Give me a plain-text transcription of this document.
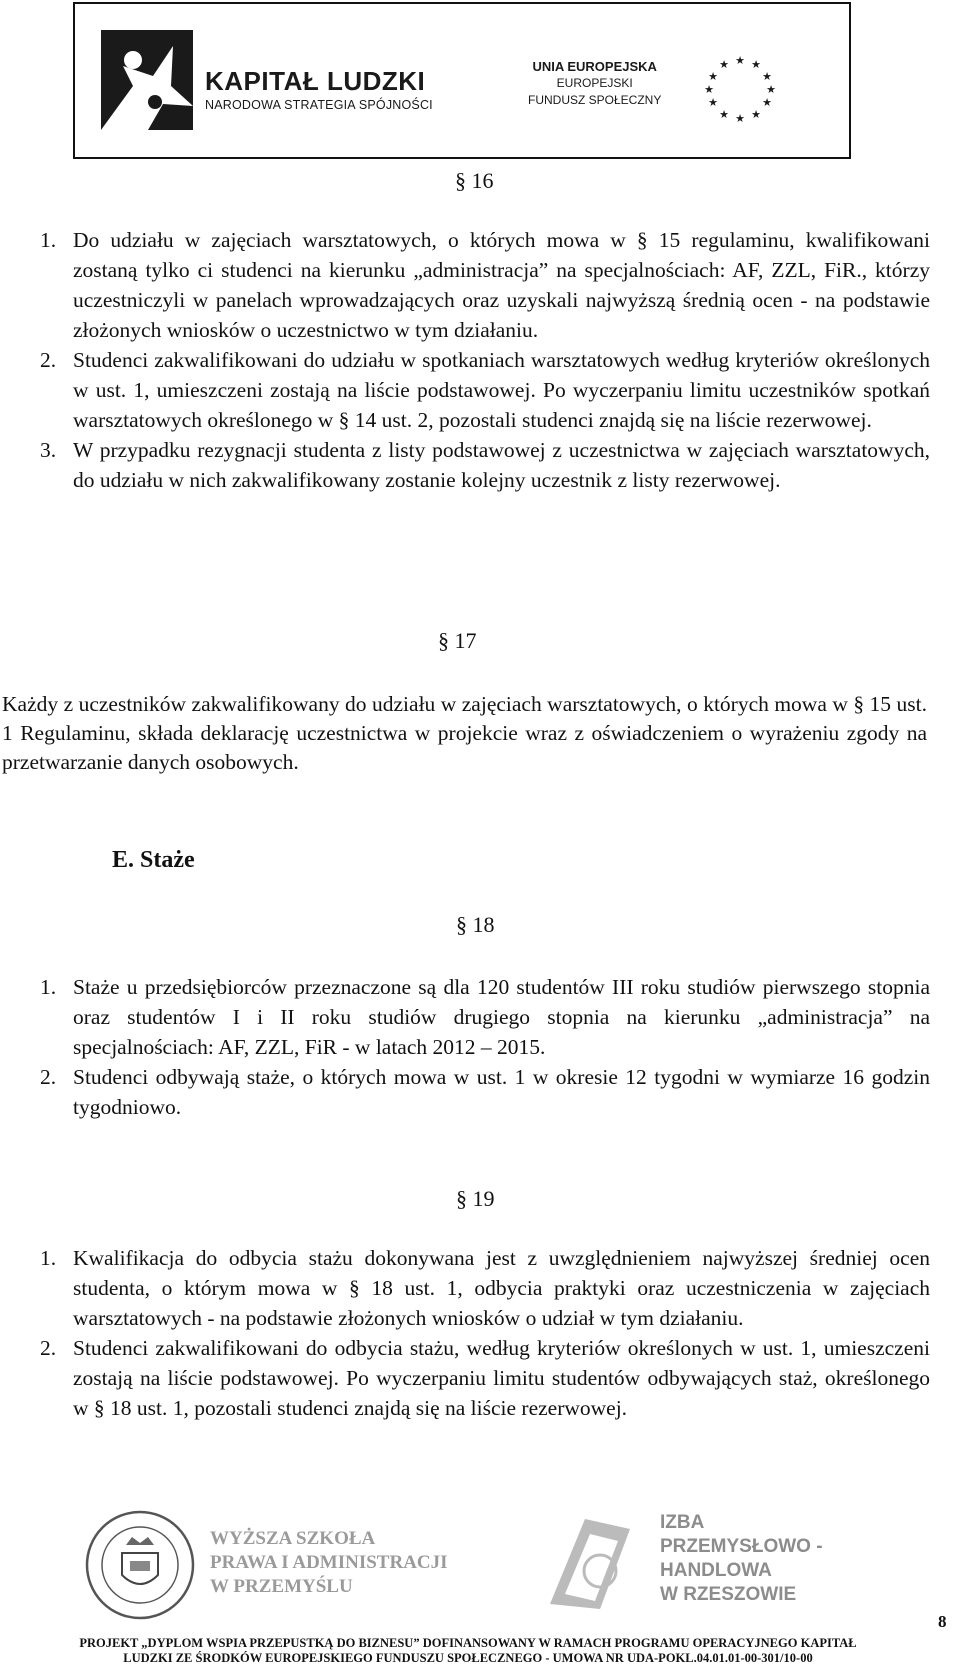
KAPITAŁ LUDZKI
NARODOWA STRATEGIA SPÓJNOŚCI
UNIA EUROPEJSKA
EUROPEJSKI
FUNDUSZ SPOŁECZNY
★ ★
★
★
★
★
★
★
★
★
★
★
§ 16
1. Do udziału w zajęciach warsztatowych, o których mowa w § 15 regulaminu, kwalifikowani zostaną tylko ci studenci na kierunku „administracja” na specjalnościach: AF, ZZL, FiR., którzy uczestniczyli w panelach wprowadzających oraz uzyskali najwyższą średnią ocen - na podstawie złożonych wniosków o uczestnictwo w tym działaniu.
2. Studenci zakwalifikowani do udziału w spotkaniach warsztatowych według kryteriów określonych w ust. 1, umieszczeni zostają na liście podstawowej. Po wyczerpaniu limitu uczestników spotkań warsztatowych określonego w § 14 ust. 2, pozostali studenci znajdą się na liście rezerwowej.
3. W przypadku rezygnacji studenta z listy podstawowej z uczestnictwa w zajęciach warsztatowych, do udziału w nich zakwalifikowany zostanie kolejny uczestnik z listy rezerwowej.
§ 17
Każdy z uczestników zakwalifikowany do udziału w zajęciach warsztatowych, o których mowa w § 15 ust. 1 Regulaminu, składa deklarację uczestnictwa w projekcie wraz z oświadczeniem o wyrażeniu zgody na przetwarzanie danych osobowych.
E. Staże
§ 18
1. Staże u przedsiębiorców przeznaczone są dla 120 studentów III roku studiów pierwszego stopnia oraz studentów I i II roku studiów drugiego stopnia na kierunku „administracja” na specjalnościach: AF, ZZL, FiR - w latach 2012 – 2015.
2. Studenci odbywają staże, o których mowa w ust. 1 w okresie 12 tygodni w wymiarze 16 godzin tygodniowo.
§ 19
1. Kwalifikacja do odbycia stażu dokonywana jest z uwzględnieniem najwyższej średniej ocen studenta, o którym mowa w § 18 ust. 1, odbycia praktyki oraz uczestniczenia w zajęciach warsztatowych - na podstawie złożonych wniosków o udział w tym działaniu.
2. Studenci zakwalifikowani do odbycia stażu, według kryteriów określonych w ust. 1, umieszczeni zostają na liście podstawowej. Po wyczerpaniu limitu studentów odbywających staż, określonego w § 18 ust. 1, pozostali studenci znajdą się na liście rezerwowej.
WYŻSZA SZKOŁA
PRAWA I ADMINISTRACJI
W PRZEMYŚLU
IZBA
PRZEMYSŁOWO -
HANDLOWA
W RZESZOWIE
8
PROJEKT „DYPLOM WSPIA PRZEPUSTKĄ DO BIZNESU” DOFINANSOWANY W RAMACH PROGRAMU OPERACYJNEGO KAPITAŁ
LUDZKI ZE ŚRODKÓW EUROPEJSKIEGO FUNDUSZU SPOŁECZNEGO - UMOWA NR UDA-POKL.04.01.01-00-301/10-00
